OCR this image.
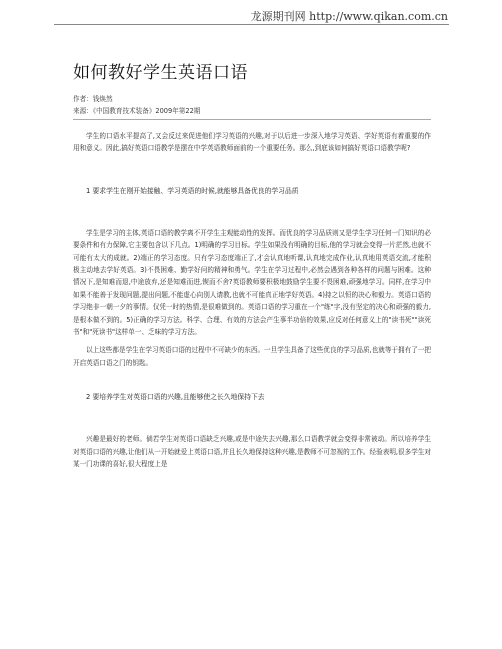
龙源期刊网 http://www.qikan.com.cn
如何教好学生英语口语
作者：钱焕然
来源：《中国教育技术装备》2009年第22期

学生的口语水平提高了,又会反过来促进他们学习英语的兴趣,对于以后进一步深入地学习英语、学好英语有着重要的作用和意义。因此,搞好英语口语教学是摆在中学英语教师面前的一个重要任务。那么,到底该如何搞好英语口语教学呢?

1 要求学生在刚开始接触、学习英语的时候,就能够具备优良的学习品质

学生是学习的主体,英语口语的教学离不开学生主观能动性的发挥。而优良的学习品质则又是学生学习任何一门知识的必要条件和有力保障,它主要包含以下几点。1)明确的学习目标。学生如果没有明确的目标,他的学习就会变得一片茫然,也就不可能有太大的成就。2)端正的学习态度。只有学习态度端正了,才会认真地听课,认真地完成作业,认真地用英语交流,才能积极主动地去学好英语。3)不畏困难、勤学好问的精神和勇气。学生在学习过程中,必然会遇到各种各样的问题与困难。这种情况下,是知难而退,中途放弃,还是知难而进,锲而不舍?英语教师要积极地鼓励学生要不畏困难,顽强地学习。同样,在学习中如果不能善于发现问题,提出问题,不能虚心向别人请教,也就不可能真正地学好英语。4)持之以恒的决心和毅力。英语口语的学习绝非一朝一夕的事情。仅凭一时的热情,是很难做到的。英语口语的学习重在一个"练"字,没有坚定的决心和顽强的毅力,是根本做不到的。5)正确的学习方法。科学、合理、有效的方法会产生事半功倍的效果,应反对任何意义上的"读书死""读死书"和"死读书"这样单一、乏味的学习方法。

以上这些都是学生在学习英语口语的过程中不可缺少的东西。一旦学生具备了这些优良的学习品质,也就等于拥有了一把开启英语口语之门的钥匙。

2 要培养学生对英语口语的兴趣,且能够使之长久地保持下去

兴趣是最好的老师。倘若学生对英语口语缺乏兴趣,或是中途失去兴趣,那么口语教学就会变得非常被动。所以培养学生对英语口语的兴趣,让他们从一开始就爱上英语口语,并且长久地保持这种兴趣,是教师不可忽视的工作。经验表明,很多学生对某一门功课的喜好,很大程度上是
